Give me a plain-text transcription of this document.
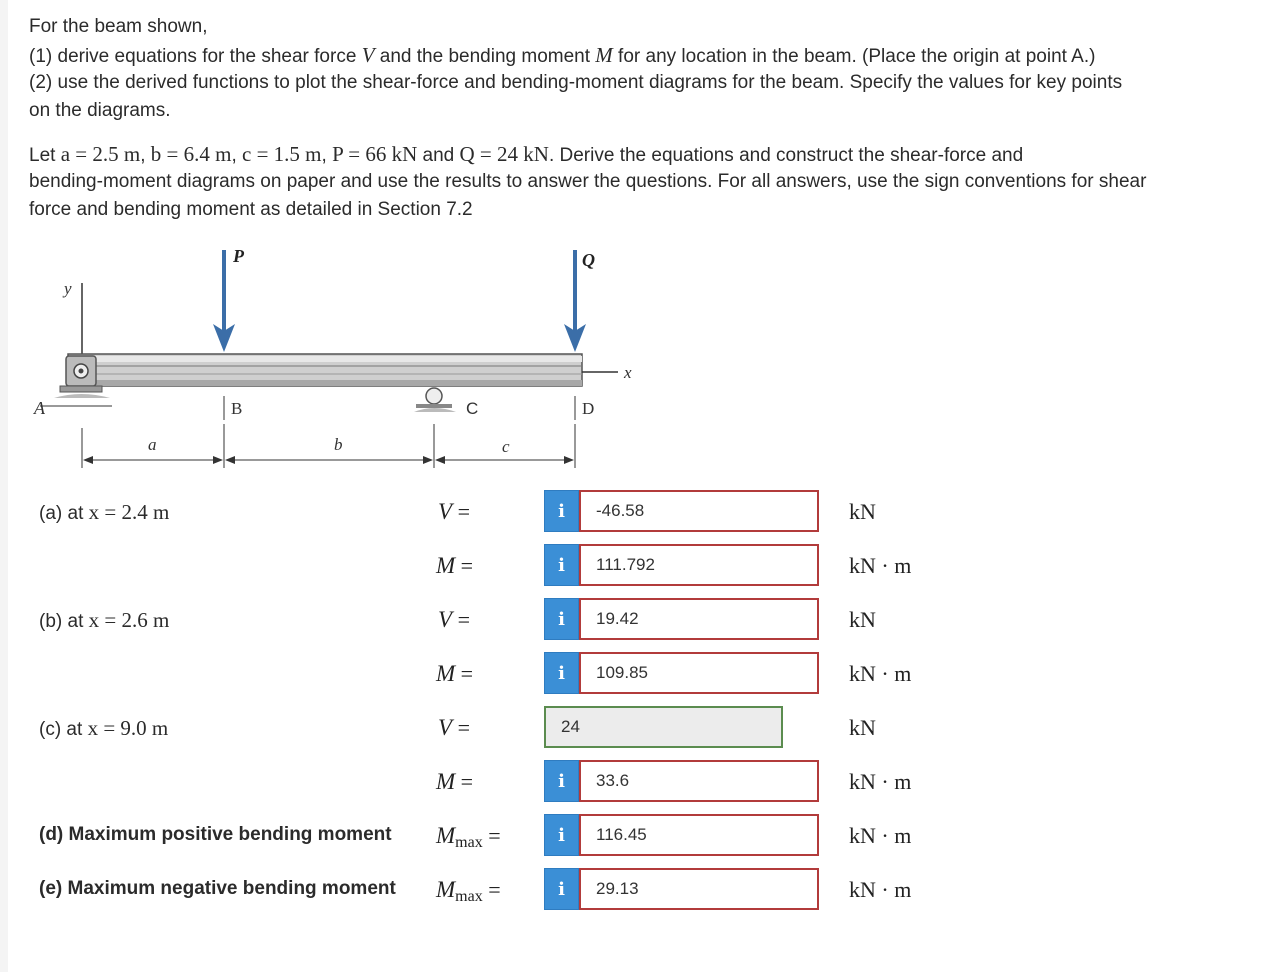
For the beam shown,
(1) derive equations for the shear force V and the bending moment M for any location in the beam. (Place the origin at point A.)
(2) use the derived functions to plot the shear-force and bending-moment diagrams for the beam. Specify the values for key points
on the diagrams.
Let a = 2.5 m, b = 6.4 m, c = 1.5 m, P = 66 kN and Q = 24 kN. Derive the equations and construct the shear-force and
bending-moment diagrams on paper and use the results to answer the questions. For all answers, use the sign conventions for shear
force and bending moment as detailed in Section 7.2
y
x
A	C
B	D
P	Q
a	b	c
(a) at x = 2.4 m	V =	i	-46.58	kN
M =	i	111.792	kN · m
(b) at x = 2.6 m	V =	i	19.42	kN
M =	i	109.85	kN · m
(c) at x = 9.0 m	V =	24	kN
M =	i	33.6	kN · m
(d) Maximum positive bending moment $M_{max}$ =	i	116.45	kN · m
(e) Maximum negative bending moment $M_{max}$ =	i	29.13	kN · m
